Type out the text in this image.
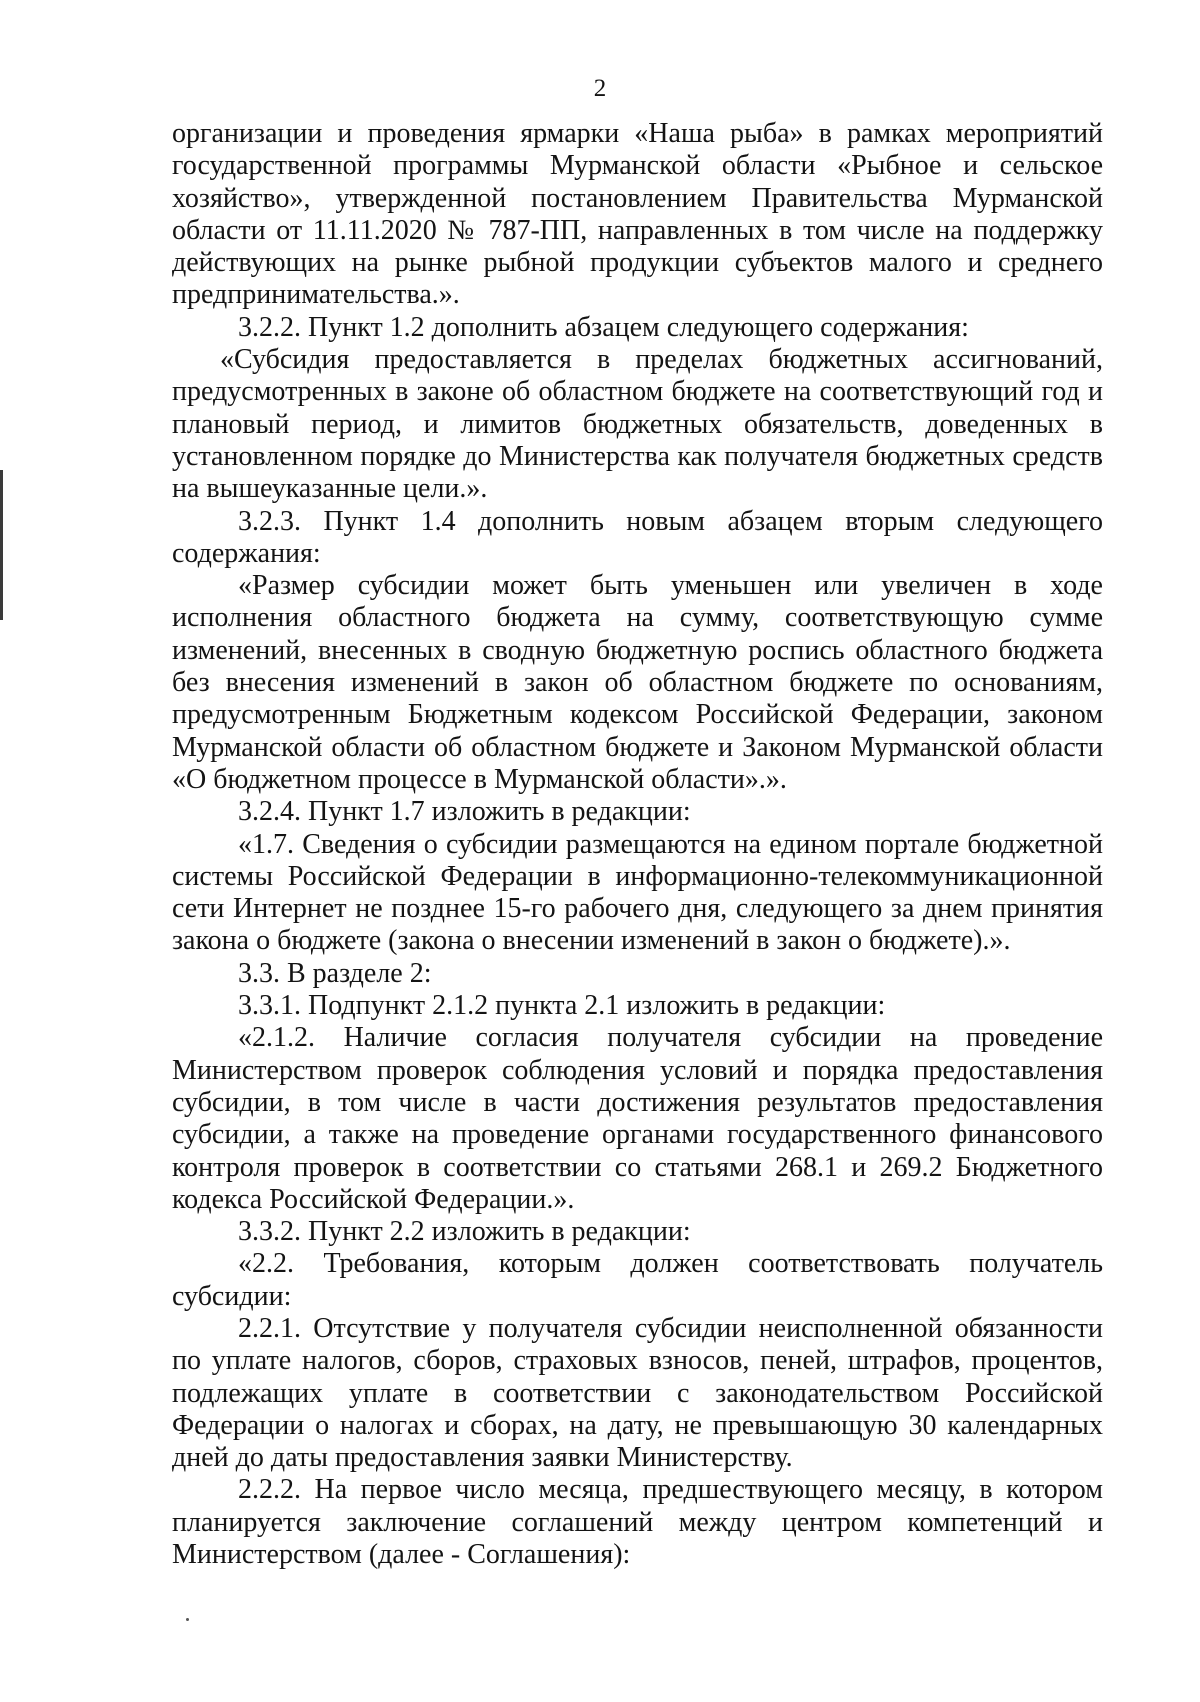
2

организации и проведения ярмарки «Наша рыба» в рамках мероприятий государственной программы Мурманской области «Рыбное и сельское хозяйство», утвержденной постановлением Правительства Мурманской области от 11.11.2020 № 787-ПП, направленных в том числе на поддержку действующих на рынке рыбной продукции субъектов малого и среднего предпринимательства.».

3.2.2. Пункт 1.2 дополнить абзацем следующего содержания:

«Субсидия предоставляется в пределах бюджетных ассигнований, предусмотренных в законе об областном бюджете на соответствующий год и плановый период, и лимитов бюджетных обязательств, доведенных в установленном порядке до Министерства как получателя бюджетных средств на вышеуказанные цели.».

3.2.3. Пункт 1.4 дополнить новым абзацем вторым следующего содержания:

«Размер субсидии может быть уменьшен или увеличен в ходе исполнения областного бюджета на сумму, соответствующую сумме изменений, внесенных в сводную бюджетную роспись областного бюджета без внесения изменений в закон об областном бюджете по основаниям, предусмотренным Бюджетным кодексом Российской Федерации, законом Мурманской области об областном бюджете и Законом Мурманской области «О бюджетном процессе в Мурманской области».».

3.2.4. Пункт 1.7 изложить в редакции:

«1.7. Сведения о субсидии размещаются на едином портале бюджетной системы Российской Федерации в информационно-телекоммуникационной сети Интернет не позднее 15-го рабочего дня, следующего за днем принятия закона о бюджете (закона о внесении изменений в закон о бюджете).».

3.3. В разделе 2:

3.3.1. Подпункт 2.1.2 пункта 2.1 изложить в редакции:

«2.1.2. Наличие согласия получателя субсидии на проведение Министерством проверок соблюдения условий и порядка предоставления субсидии, в том числе в части достижения результатов предоставления субсидии, а также на проведение органами государственного финансового контроля проверок в соответствии со статьями 268.1 и 269.2 Бюджетного кодекса Российской Федерации.».

3.3.2. Пункт 2.2 изложить в редакции:

«2.2. Требования, которым должен соответствовать получатель субсидии:

2.2.1. Отсутствие у получателя субсидии неисполненной обязанности по уплате налогов, сборов, страховых взносов, пеней, штрафов, процентов, подлежащих уплате в соответствии с законодательством Российской Федерации о налогах и сборах, на дату, не превышающую 30 календарных дней до даты предоставления заявки Министерству.

2.2.2. На первое число месяца, предшествующего месяцу, в котором планируется заключение соглашений между центром компетенций и Министерством (далее - Соглашения):
